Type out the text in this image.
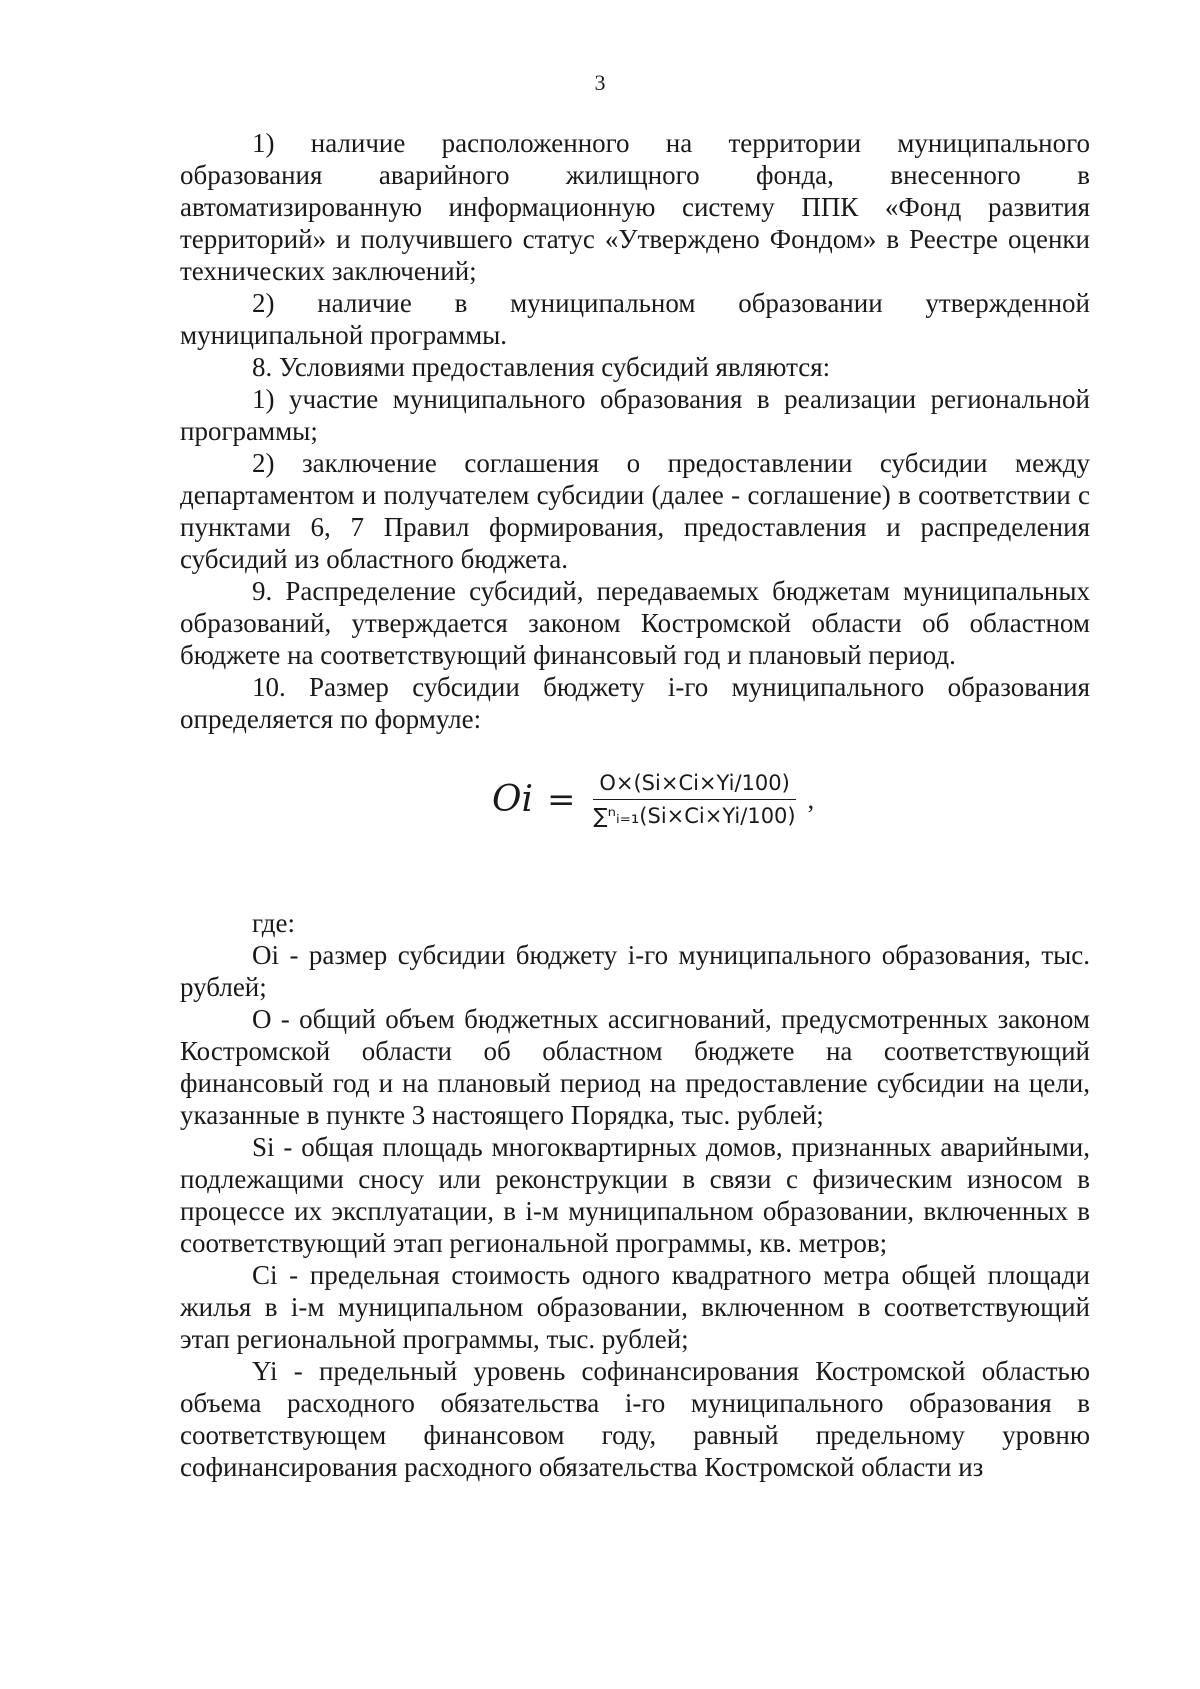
3

1) наличие расположенного на территории муниципального образования аварийного жилищного фонда, внесенного в автоматизированную информационную систему ППК «Фонд развития территорий» и получившего статус «Утверждено Фондом» в Реестре оценки технических заключений;

2) наличие в муниципальном образовании утвержденной муниципальной программы.

8. Условиями предоставления субсидий являются:

1) участие муниципального образования в реализации региональной программы;

2) заключение соглашения о предоставлении субсидии между департаментом и получателем субсидии (далее - соглашение) в соответствии с пунктами 6, 7 Правил формирования, предоставления и распределения субсидий из областного бюджета.

9. Распределение субсидий, передаваемых бюджетам муниципальных образований, утверждается законом Костромской области об областном бюджете на соответствующий финансовый год и плановый период.

10. Размер субсидии бюджету i-го муниципального образования определяется по формуле:

$Oi = \frac{O\times(Si\times Ci\times Yi/100)}{\text{∑ⁿᵢ₌₁(Si×Ci×Yi/100)}}$ ,

где:

Oi - размер субсидии бюджету i-го муниципального образования, тыс. рублей;

О - общий объем бюджетных ассигнований, предусмотренных законом Костромской области об областном бюджете на соответствующий финансовый год и на плановый период на предоставление субсидии на цели, указанные в пункте 3 настоящего Порядка, тыс. рублей;

Si - общая площадь многоквартирных домов, признанных аварийными, подлежащими сносу или реконструкции в связи с физическим износом в процессе их эксплуатации, в i-м муниципальном образовании, включенных в соответствующий этап региональной программы, кв. метров;

Ci - предельная стоимость одного квадратного метра общей площади жилья в i-м муниципальном образовании, включенном в соответствующий этап региональной программы, тыс. рублей;

Yi - предельный уровень софинансирования Костромской областью объема расходного обязательства i-го муниципального образования в соответствующем финансовом году, равный предельному уровню софинансирования расходного обязательства Костромской области из
